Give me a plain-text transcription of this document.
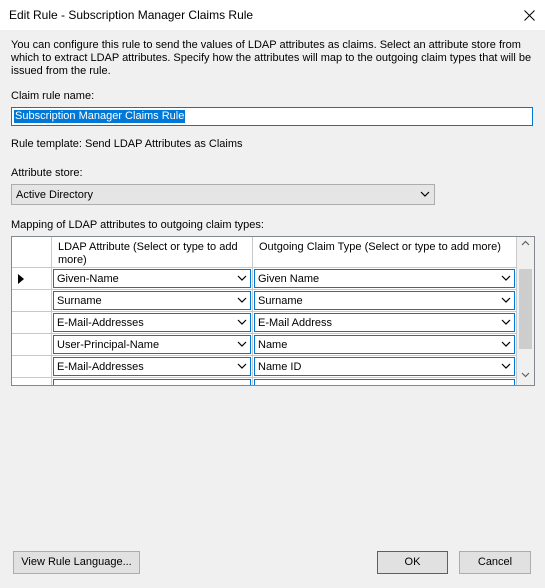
Edit Rule - Subscription Manager Claims Rule
You can configure this rule to send the values of LDAP attributes as claims. Select an attribute store from which to extract LDAP attributes. Specify how the attributes will map to the outgoing claim types that will be issued from the rule.
Claim rule name:
Subscription Manager Claims Rule
Rule template: Send LDAP Attributes as Claims
Attribute store:
Active Directory
Mapping of LDAP attributes to outgoing claim types:
LDAP Attribute (Select or type to add more)
Outgoing Claim Type (Select or type to add more)
Given-Name	Given Name
Surname	Surname
E-Mail-Addresses	E-Mail Address
User-Principal-Name	Name
E-Mail-Addresses	Name ID
View Rule Language...	OK	Cancel
